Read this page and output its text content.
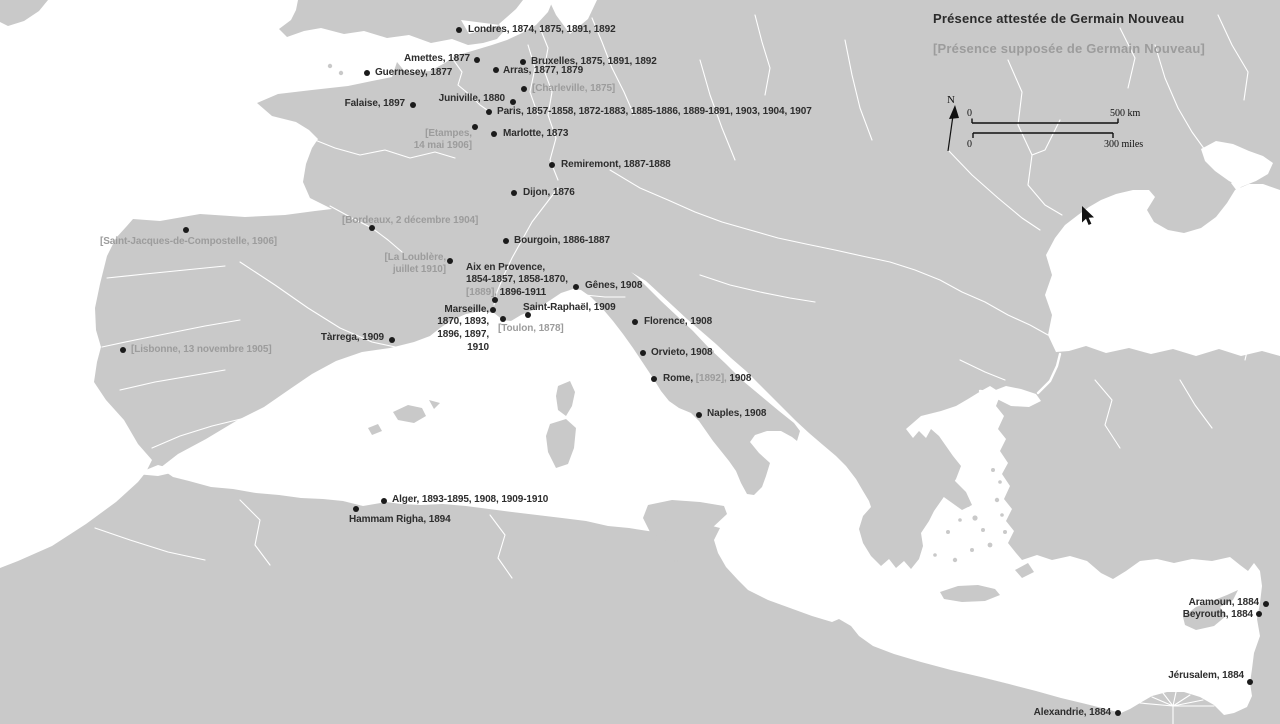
Présence attestée de Germain Nouveau
[Présence supposée de Germain Nouveau]
N
0	500 km
0	300 miles
Londres, 1874, 1875, 1891, 1892
Amettes, 1877
Guernesey, 1877
Bruxelles, 1875, 1891, 1892
Arras, 1877, 1879
[Charleville, 1875]
Juniville, 1880
Falaise, 1897
Paris, 1857-1858, 1872-1883, 1885-1886, 1889-1891, 1903, 1904, 1907
[Etampes,
14 mai 1906]
Marlotte, 1873
Remiremont, 1887-1888
Dijon, 1876
[Bordeaux, 2 décembre 1904]
[Saint-Jacques-de-Compostelle, 1906]
[La Loublère,
juillet 1910]
Bourgoin, 1886-1887
Aix en Provence,
1854-1857, 1858-1870,
[1889], 1896-1911
Gênes, 1908
Saint-Raphaël, 1909
Marseille,
1870, 1893,
1896, 1897,
1910
[Toulon, 1878]
Tàrrega, 1909
[Lisbonne, 13 novembre 1905]
Florence, 1908
Orvieto, 1908
Rome, [1892], 1908
Naples, 1908
Alger, 1893-1895, 1908, 1909-1910
Hammam Righa, 1894
Aramoun, 1884
Beyrouth, 1884
Jérusalem, 1884
Alexandrie, 1884
